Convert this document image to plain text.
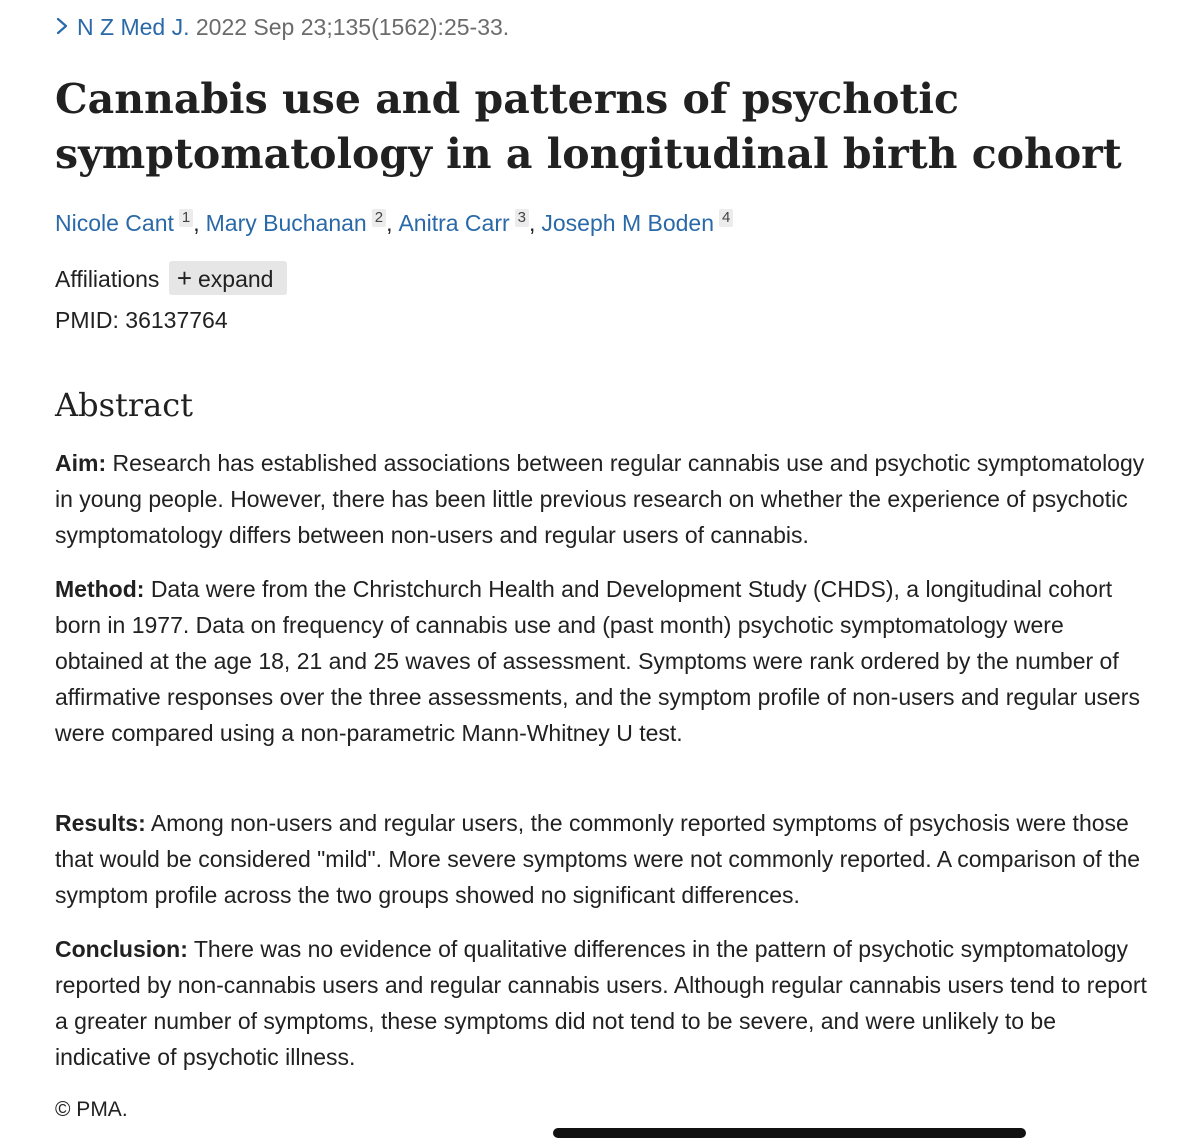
N Z Med J. 2022 Sep 23;135(1562):25-33.
Cannabis use and patterns of psychotic symptomatology in a longitudinal birth cohort
Nicole Cant 1 , Mary Buchanan 2 , Anitra Carr 3 , Joseph M Boden 4
Affiliations + expand
PMID: 36137764
Abstract

Aim: Research has established associations between regular cannabis use and psychotic symptomatology in young people. However, there has been little previous research on whether the experience of psychotic symptomatology differs between non-users and regular users of cannabis.

Method: Data were from the Christchurch Health and Development Study (CHDS), a longitudinal cohort born in 1977. Data on frequency of cannabis use and (past month) psychotic symptomatology were obtained at the age 18, 21 and 25 waves of assessment. Symptoms were rank ordered by the number of affirmative responses over the three assessments, and the symptom profile of non-users and regular users were compared using a non-parametric Mann-Whitney U test.

Results: Among non-users and regular users, the commonly reported symptoms of psychosis were those that would be considered "mild". More severe symptoms were not commonly reported. A comparison of the symptom profile across the two groups showed no significant differences.

Conclusion: There was no evidence of qualitative differences in the pattern of psychotic symptomatology reported by non-cannabis users and regular cannabis users. Although regular cannabis users tend to report a greater number of symptoms, these symptoms did not tend to be severe, and were unlikely to be indicative of psychotic illness.

© PMA.
